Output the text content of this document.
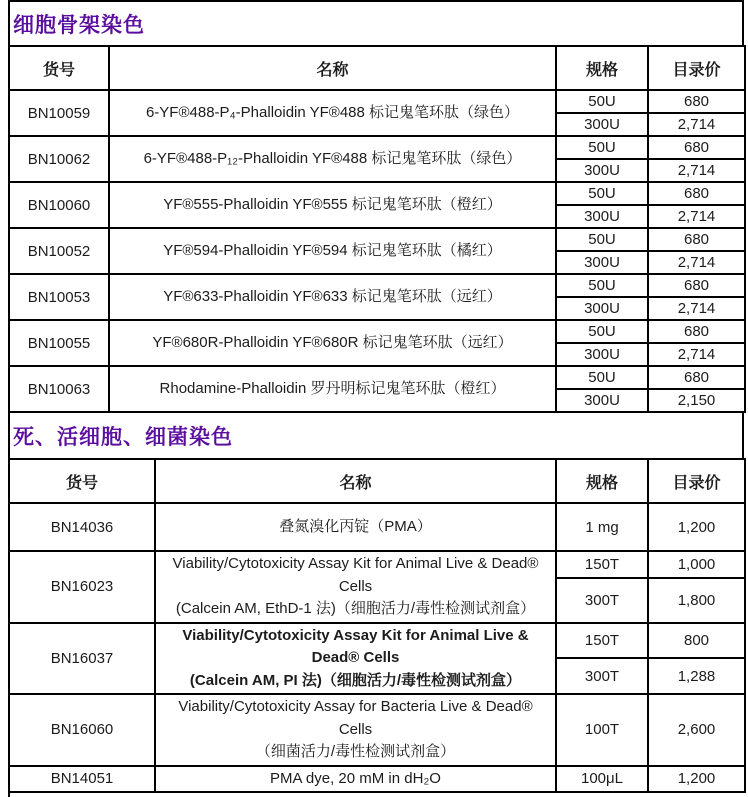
细胞骨架染色
货号	名称	规格	目录价
BN10059	6-YF®488-P₄-Phalloidin YF®488 标记鬼笔环肽（绿色）	50U	680
		300U	2,714
BN10062	6-YF®488-P₁₂-Phalloidin YF®488 标记鬼笔环肽（绿色）	50U	680
		300U	2,714
BN10060	YF®555-Phalloidin YF®555 标记鬼笔环肽（橙红）	50U	680
		300U	2,714
BN10052	YF®594-Phalloidin YF®594 标记鬼笔环肽（橘红）	50U	680
		300U	2,714
BN10053	YF®633-Phalloidin YF®633 标记鬼笔环肽（远红）	50U	680
		300U	2,714
BN10055	YF®680R-Phalloidin YF®680R 标记鬼笔环肽（远红）	50U	680
		300U	2,714
BN10063	Rhodamine-Phalloidin 罗丹明标记鬼笔环肽（橙红）	50U	680
		300U	2,150
死、活细胞、细菌染色
货号	名称	规格	目录价
BN14036	叠氮溴化丙锭（PMA）	1 mg	1,200
BN16023	Viability/Cytotoxicity Assay Kit for Animal Live & Dead® Cells
(Calcein AM, EthD-1 法)（细胞活力/毒性检测试剂盒）	150T	1,000
		300T	1,800
BN16037	Viability/Cytotoxicity Assay Kit for Animal Live & Dead® Cells
(Calcein AM, PI 法)（细胞活力/毒性检测试剂盒）	150T	800
		300T	1,288
BN16060	Viability/Cytotoxicity Assay for Bacteria Live & Dead® Cells
（细菌活力/毒性检测试剂盒）	100T	2,600
BN14051	PMA dye, 20 mM in dH₂O	100μL	1,200
